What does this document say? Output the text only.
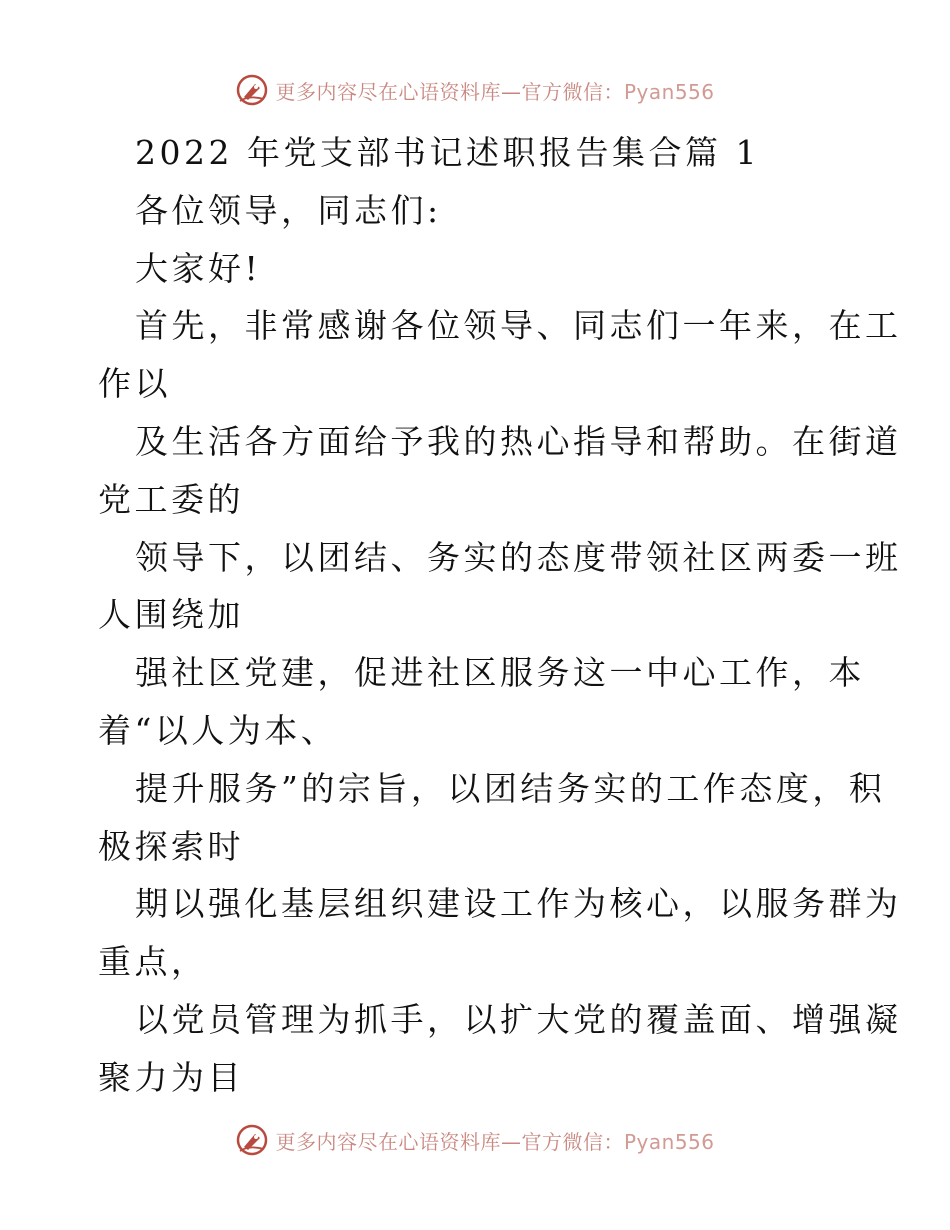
更多内容尽在心语资料库—官方微信：Pyan556
2022 年党支部书记述职报告集合篇 1
各位领导，同志们:
大家好!
首先，非常感谢各位领导、同志们一年来，在工
作以
及生活各方面给予我的热心指导和帮助。在街道
党工委的
领导下，以团结、务实的态度带领社区两委一班
人围绕加
强社区党建，促进社区服务这一中心工作，本
着“以人为本、
提升服务”的宗旨，以团结务实的工作态度，积
极探索时
期以强化基层组织建设工作为核心，以服务群为
重点，
以党员管理为抓手，以扩大党的覆盖面、增强凝
聚力为目
更多内容尽在心语资料库—官方微信：Pyan556
